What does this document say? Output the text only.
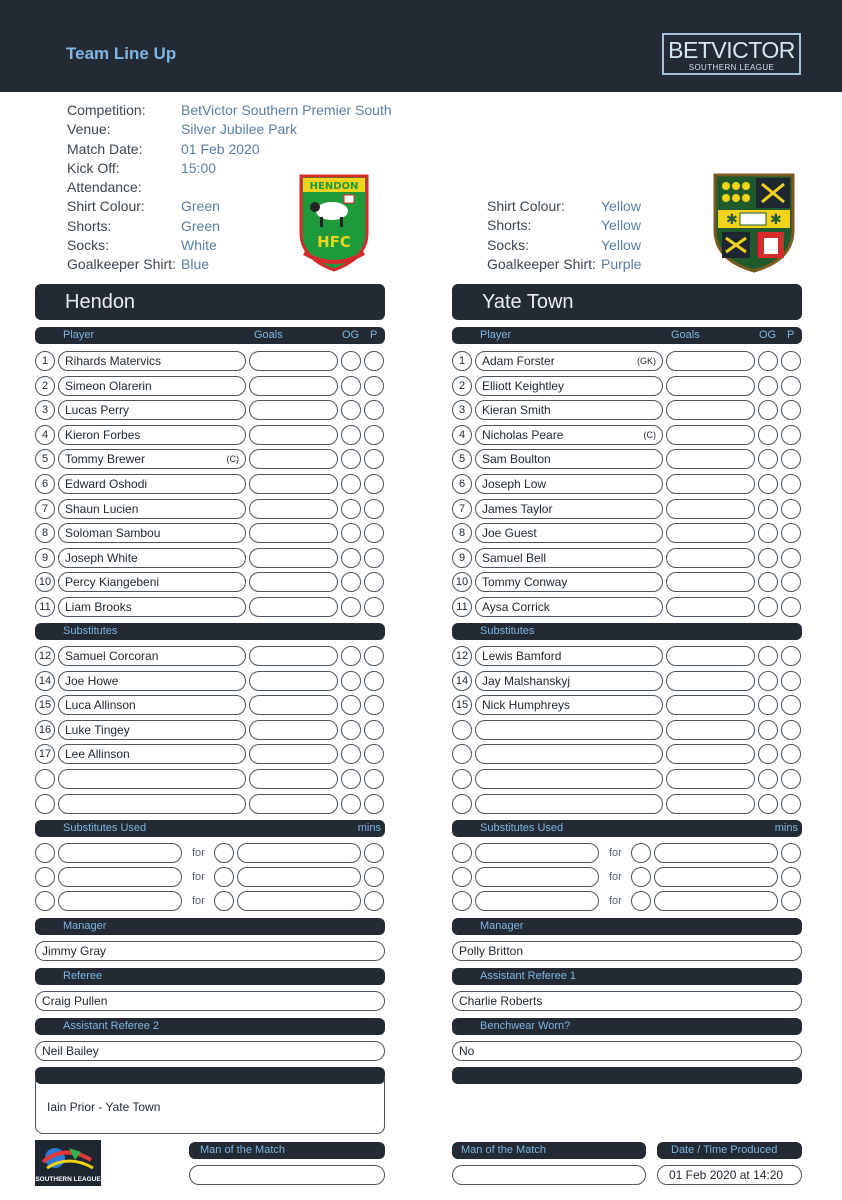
Team Line Up	BETVICTOR
SOUTHERN LEAGUE
Competition:	BetVictor Southern Premier South
Venue:	Silver Jubilee Park
Match Date:	01 Feb 2020
Kick Off:	15:00
Attendance:
Shirt Colour:	Green
Shorts:	Green
Socks:	White
Goalkeeper Shirt: Blue
Shirt Colour:	Yellow
Shorts:	Yellow
Socks:	Yellow
Goalkeeper Shirt: Purple
HENDON
HFC
✱ ✱
Hendon	Yate Town
Player	Goals	OG P
1	Rihards Matervics
2	Simeon Olarerin
3	Lucas Perry
4	Kieron Forbes
5	Tommy Brewer	(C)
6	Edward Oshodi
7	Shaun Lucien
8	Soloman Sambou
9	Joseph White
10	Percy Kiangebeni
11	Liam Brooks
Substitutes
12	Samuel Corcoran
14	Joe Howe
15	Luca Allinson
16	Luke Tingey
17	Lee Allinson
Substitutes Used	mins
for
for
for
Manager
Jimmy Gray
Referee
Craig Pullen
Assistant Referee 2
Neil Bailey
Iain Prior - Yate Town
Man of the Match
Player	Goals	OG P
1	Adam Forster	(GK)
2	Elliott Keightley
3	Kieran Smith
4	Nicholas Peare	(C)
5	Sam Boulton
6	Joseph Low
7	James Taylor
8	Joe Guest
9	Samuel Bell
10	Tommy Conway
11	Aysa Corrick
Substitutes
12	Lewis Bamford
14	Jay Malshanskyj
15	Nick Humphreys
Substitutes Used	mins
for
for
for
Manager
Polly Britton
Assistant Referee 1
Charlie Roberts
Benchwear Worn?
No
Man of the Match	Date / Time Produced
01 Feb 2020 at 14:20
SOUTHERN LEAGUE
